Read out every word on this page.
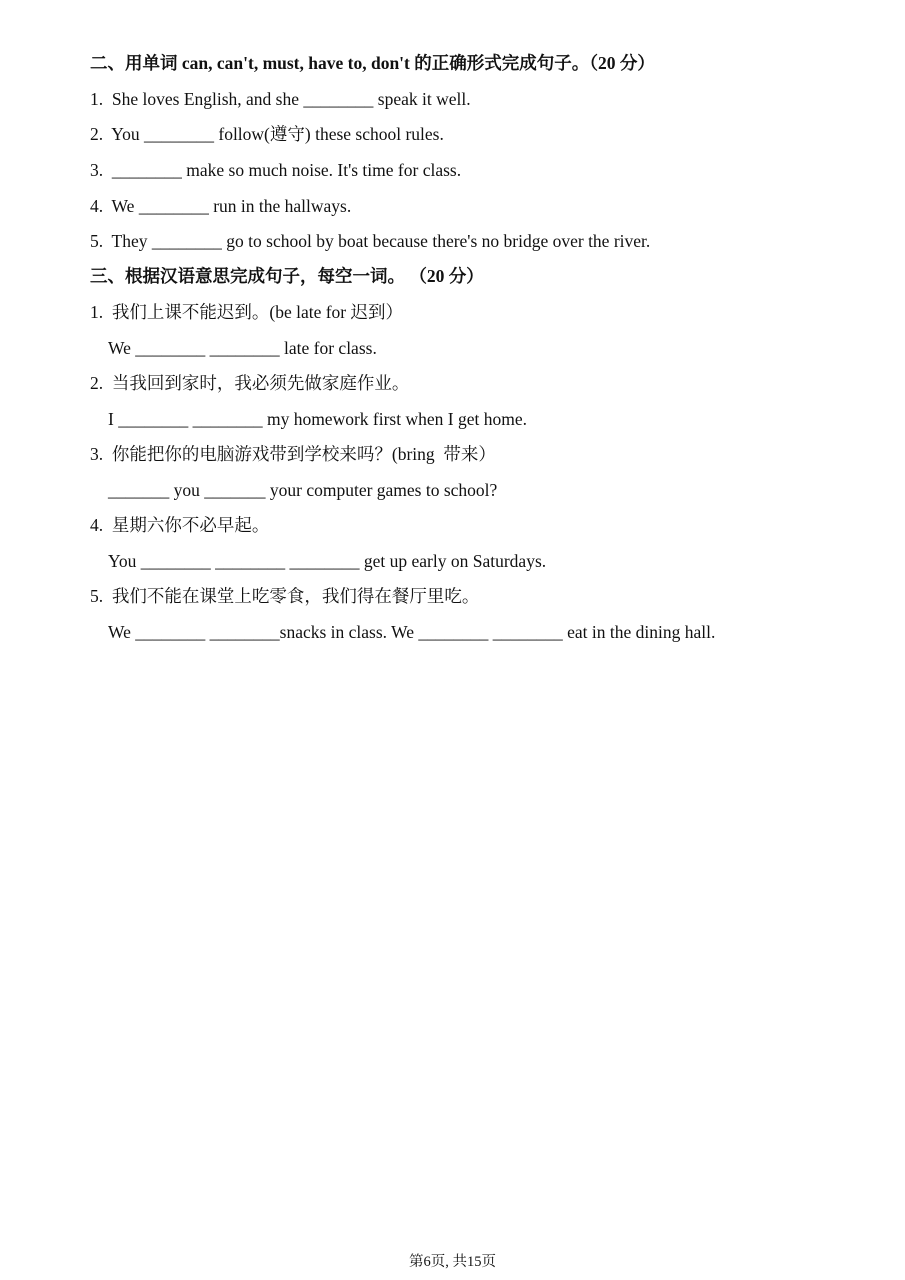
二、用单词 can, can't, must, have to, don't 的正确形式完成句子。（20 分）
1.  She loves English, and she ________ speak it well.
2.  You ________ follow(遵守) these school rules.
3.  ________ make so much noise. It's time for class.
4.  We ________ run in the hallways.
5.  They ________ go to school by boat because there's no bridge over the river.
三、根据汉语意思完成句子，每空一词。 （20 分）
1.  我们上课不能迟到。(be late for 迟到）
We ________ ________ late for class.
2.  当我回到家时，我必须先做家庭作业。
I ________ ________ my homework first when I get home.
3.  你能把你的电脑游戏带到学校来吗？(bring  带来）
_______ you _______ your computer games to school?
4.  星期六你不必早起。
You ________ ________ ________ get up early on Saturdays.
5.  我们不能在课堂上吃零食，我们得在餐厅里吃。
We ________ ________snacks in class. We ________ ________ eat in the dining hall.
第6页, 共15页
